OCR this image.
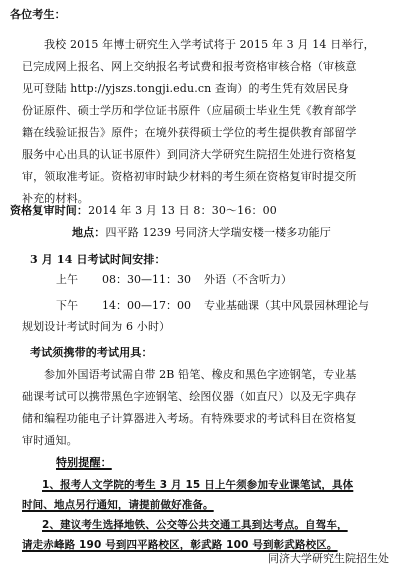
各位考生：
我校 2015 年博士研究生入学考试将于 2015 年 3 月 14 日举行，
已完成网上报名、网上交纳报名考试费和报考资格审核合格（审核意
见可登陆 http://yjszs.tongji.edu.cn 查询）的考生凭有效居民身
份证原件、硕士学历和学位证书原件（应届硕士毕业生凭《教育部学
籍在线验证报告》原件；在境外获得硕士学位的考生提供教育部留学
服务中心出具的认证书原件）到同济大学研究生院招生处进行资格复
审，领取准考证。资格初审时缺少材料的考生须在资格复审时提交所
补充的材料。
资格复审时间：2014 年 3 月 13 日 8：30～16：00
地点：四平路 1239 号同济大学瑞安楼一楼多功能厅
3 月 14 日考试时间安排：
上午 08：30—11：30 外语（不含听力）
下午 14：00—17：00 专业基础课（其中风景园林理论与
规划设计考试时间为 6 小时）
考试须携带的考试用具：
参加外国语考试需自带 2B 铅笔、橡皮和黑色字迹钢笔，专业基
础课考试可以携带黑色字迹钢笔、绘图仪器（如直尺）以及无字典存
储和编程功能电子计算器进入考场。有特殊要求的考试科目在资格复
审时通知。
特别提醒：
1、报考人文学院的考生 3 月 15 日上午须参加专业课笔试，具体
时间、地点另行通知，请提前做好准备。
2、建议考生选择地铁、公交等公共交通工具到达考点。自驾车，
请走赤峰路 190 号到四平路校区，彰武路 100 号到彰武路校区。
同济大学研究生院招生处
